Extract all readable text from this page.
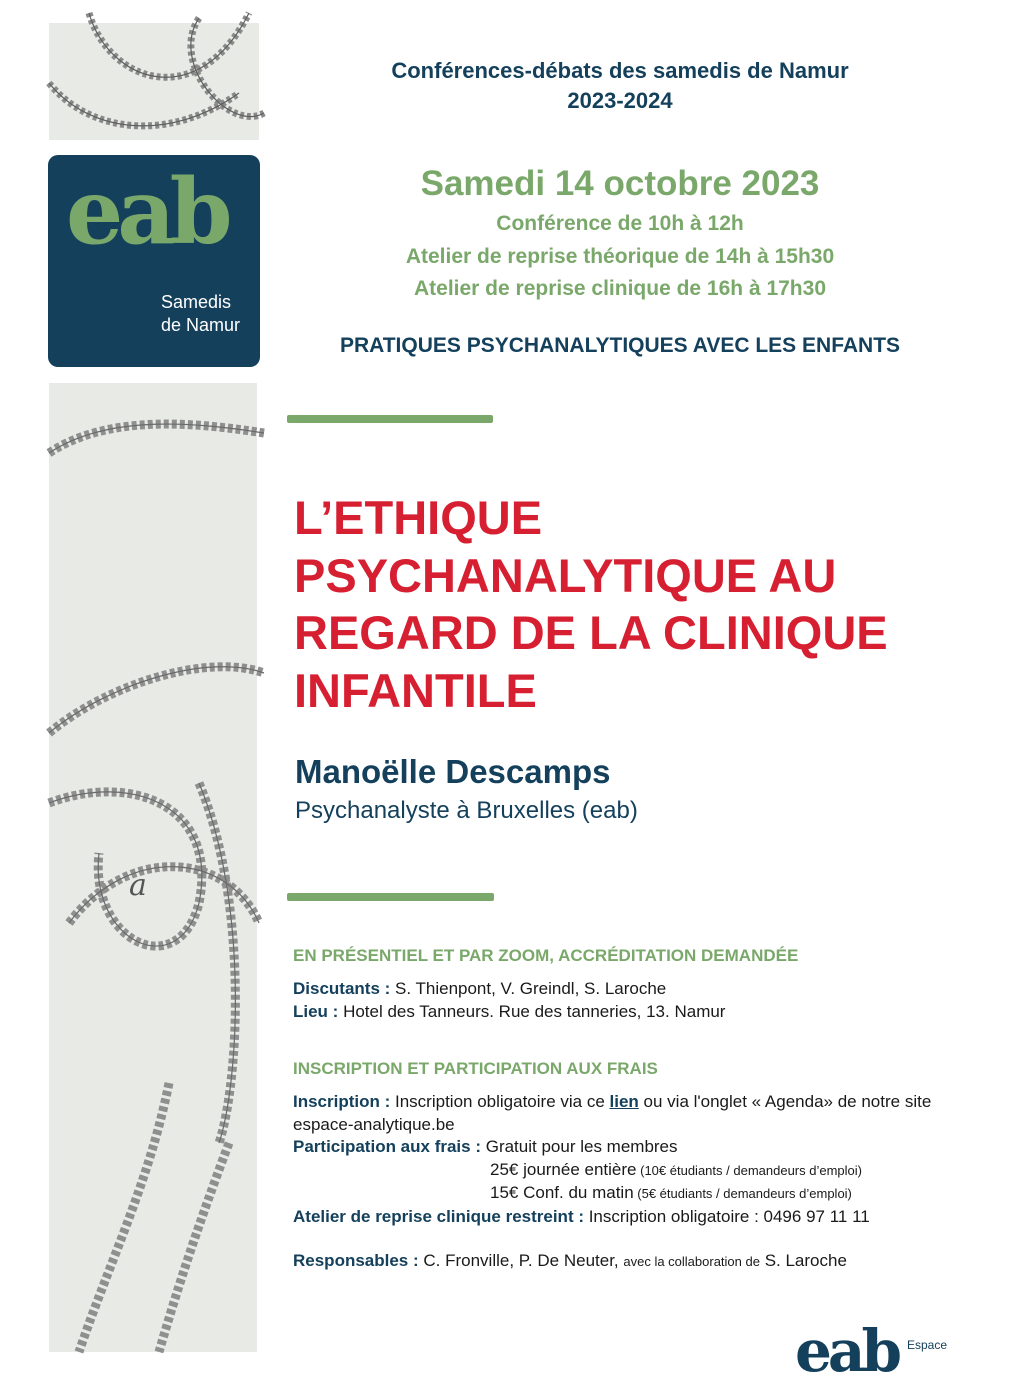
eab
Samedis
de Namur
a
Conférences-débats des samedis de Namur
2023-2024
Samedi 14 octobre 2023
Conférence de 10h à 12h
Atelier de reprise théorique de 14h à 15h30
Atelier de reprise clinique de 16h à 17h30
PRATIQUES PSYCHANALYTIQUES AVEC LES ENFANTS
L’ETHIQUE
PSYCHANALYTIQUE AU
REGARD DE LA CLINIQUE
INFANTILE
Manoëlle Descamps
Psychanalyste à Bruxelles (eab)
EN PRÉSENTIEL ET PAR ZOOM, ACCRÉDITATION DEMANDÉE
Discutants : S. Thienpont, V. Greindl, S. Laroche
Lieu : Hotel des Tanneurs. Rue des tanneries, 13. Namur
INSCRIPTION ET PARTICIPATION AUX FRAIS
Inscription : Inscription obligatoire via ce lien ou via l'onglet « Agenda» de notre site espace-analytique.be
Participation aux frais : Gratuit pour les membres
25€ journée entière (10€ étudiants / demandeurs d’emploi)
15€ Conf. du matin (5€ étudiants / demandeurs d’emploi)
Atelier de reprise clinique restreint : Inscription obligatoire : 0496 97 11 11
Responsables : C. Fronville, P. De Neuter, avec la collaboration de S. Laroche
eab Espace
